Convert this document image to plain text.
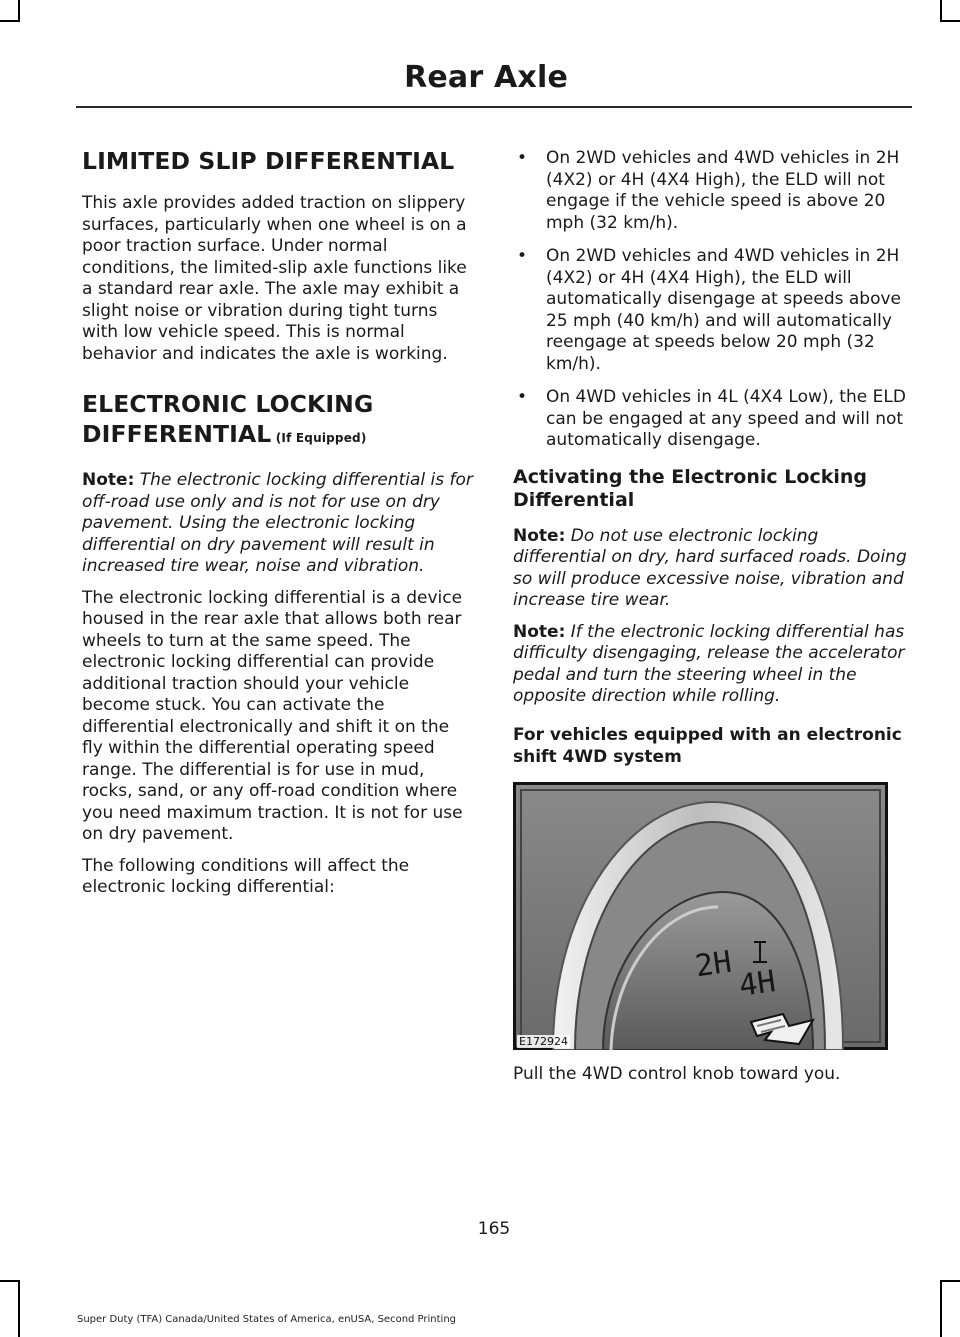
Rear Axle
LIMITED SLIP DIFFERENTIAL

This axle provides added traction on slippery surfaces, particularly when one wheel is on a poor traction surface. Under normal conditions, the limited-slip axle functions like a standard rear axle. The axle may exhibit a slight noise or vibration during tight turns with low vehicle speed. This is normal behavior and indicates the axle is working.

ELECTRONIC LOCKING
DIFFERENTIAL (If Equipped)

Note: The electronic locking differential is for off-road use only and is not for use on dry pavement. Using the electronic locking differential on dry pavement will result in increased tire wear, noise and vibration.

The electronic locking differential is a device housed in the rear axle that allows both rear wheels to turn at the same speed. The electronic locking differential can provide additional traction should your vehicle become stuck. You can activate the differential electronically and shift it on the fly within the differential operating speed range. The differential is for use in mud, rocks, sand, or any off-road condition where you need maximum traction. It is not for use on dry pavement.

The following conditions will affect the electronic locking differential:

• On 2WD vehicles and 4WD vehicles in 2H (4X2) or 4H (4X4 High), the ELD will not engage if the vehicle speed is above 20 mph (32 km/h).
• On 2WD vehicles and 4WD vehicles in 2H (4X2) or 4H (4X4 High), the ELD will automatically disengage at speeds above 25 mph (40 km/h) and will automatically reengage at speeds below 20 mph (32 km/h).
• On 4WD vehicles in 4L (4X4 Low), the ELD can be engaged at any speed and will not automatically disengage.
Activating the Electronic Locking Differential

Note: Do not use electronic locking differential on dry, hard surfaced roads. Doing so will produce excessive noise, vibration and increase tire wear.

Note: If the electronic locking differential has difficulty disengaging, release the accelerator pedal and turn the steering wheel in the opposite direction while rolling.

For vehicles equipped with an electronic shift 4WD system
2H 4H
E172924

Pull the 4WD control knob toward you.

165
Super Duty (TFA) Canada/United States of America, enUSA, Second Printing
